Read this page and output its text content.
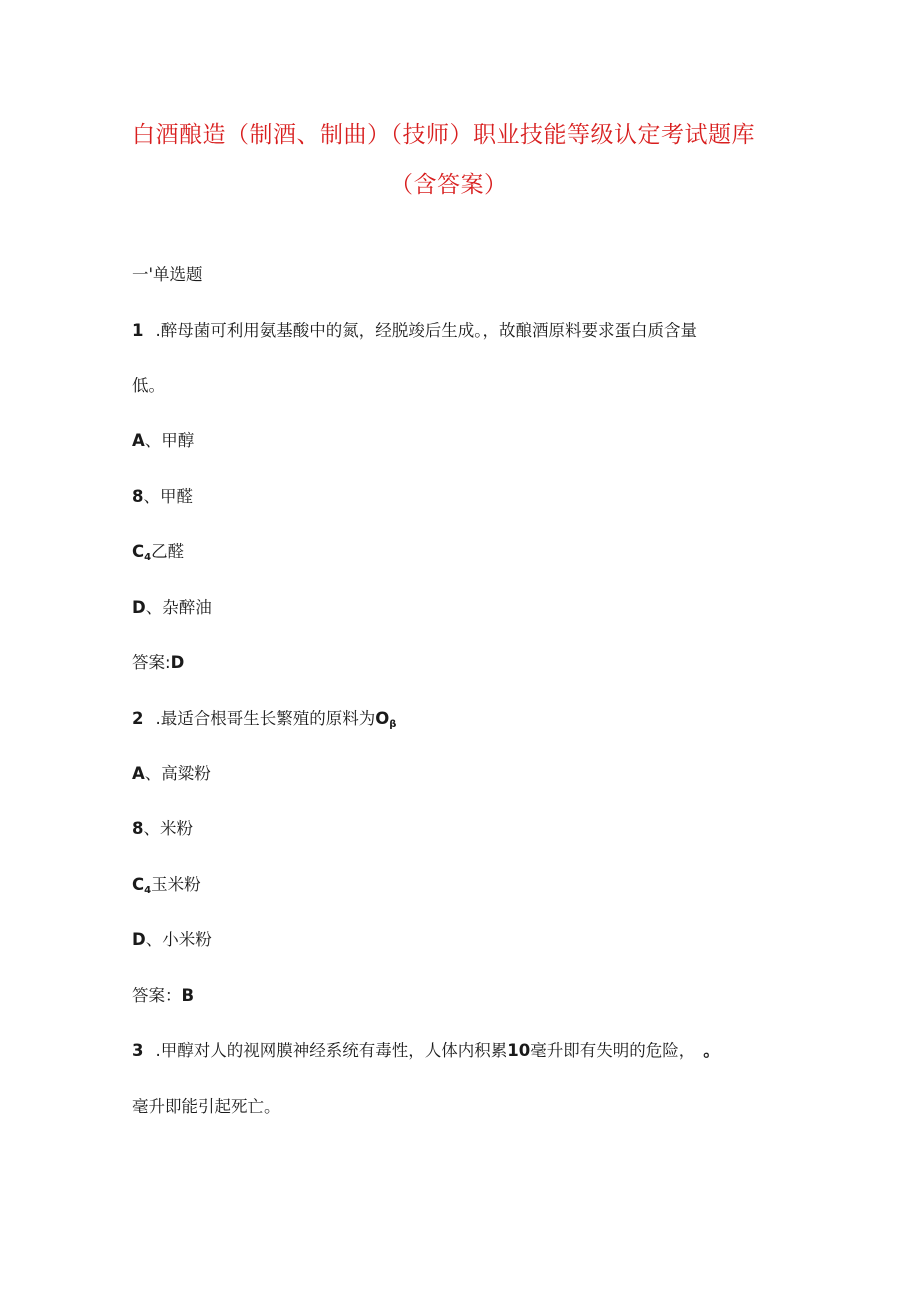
白酒酿造（制酒、制曲）（技师）职业技能等级认定考试题库
（含答案）
一'单选题
1 .醉母菌可利用氨基酸中的氮，经脱竣后生成。，故酿酒原料要求蛋白质含量
低。
A、甲醇
8、甲醛
$C_4$乙醛
D、杂醉油
答案:D
2 .最适合根哥生长繁殖的原料为$O_\beta$
A、高粱粉
8、米粉
$C_4$玉米粉
D、小米粉
答案：B
3 .甲醇对人的视网膜神经系统有毒性，人体内积累10毫升即有失明的危险， 。
毫升即能引起死亡。
